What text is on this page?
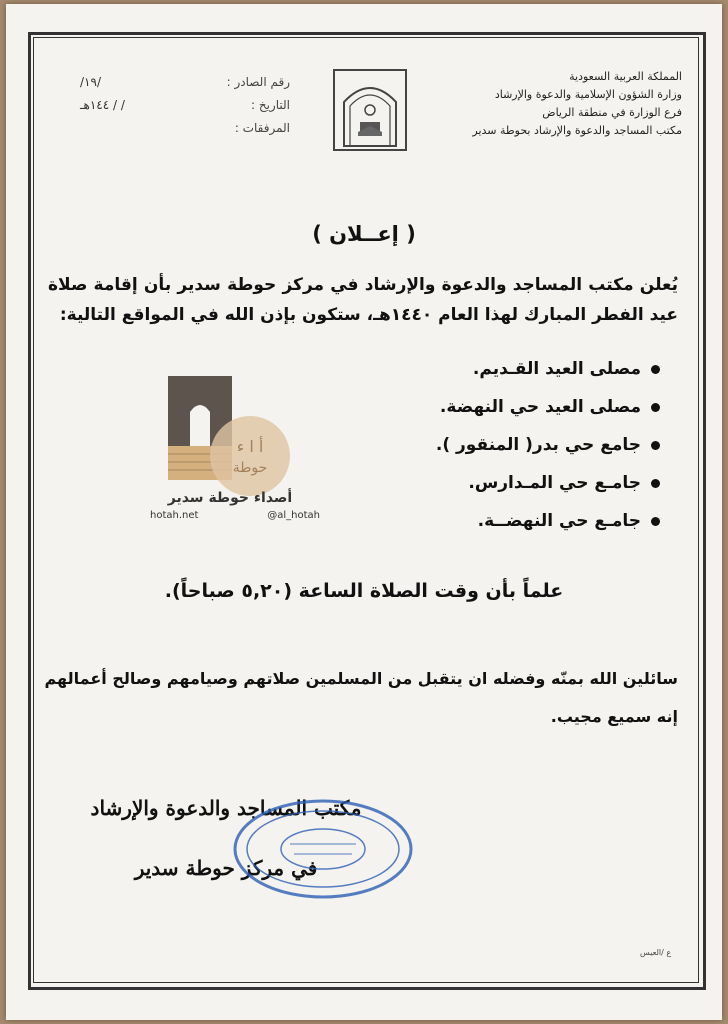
المملكة العربية السعودية
وزارة الشؤون الإسلامية والدعوة والإرشاد
فرع الوزارة في منطقة الرياض
مكتب المساجد والدعوة والإرشاد بحوطة سدير
رقم الصادر :
/١٩/
التاريخ :
/ / ١٤٤هـ
المرفقات :
( إعــلان )
يُعلن مكتب المساجد والدعوة والإرشاد في مركز حوطة سدير بأن إقامة صلاة عيد الفطر المبارك لهذا العام ١٤٤٠هـ، ستكون بإذن الله في المواقع التالية:
أ ا ء
حوطة
أصداء حوطة سدير
hotah.net	@al_hotah
مصلى العيد القـديم.
مصلى العيد حي النهضة.
جامع حي بدر( المنقور ).
جامـع حي المـدارس.
جامـع حي النهضــة.
علماً بأن وقت الصلاة الساعة (٥,٢٠ صباحاً).
سائلين الله بمنّه وفضله ان يتقبل من المسلمين صلاتهم وصيامهم وصالح أعمالهم إنه سميع مجيب.
مكتب المساجد والدعوة والإرشاد
في مركز حوطة سدير
ع /العيس
